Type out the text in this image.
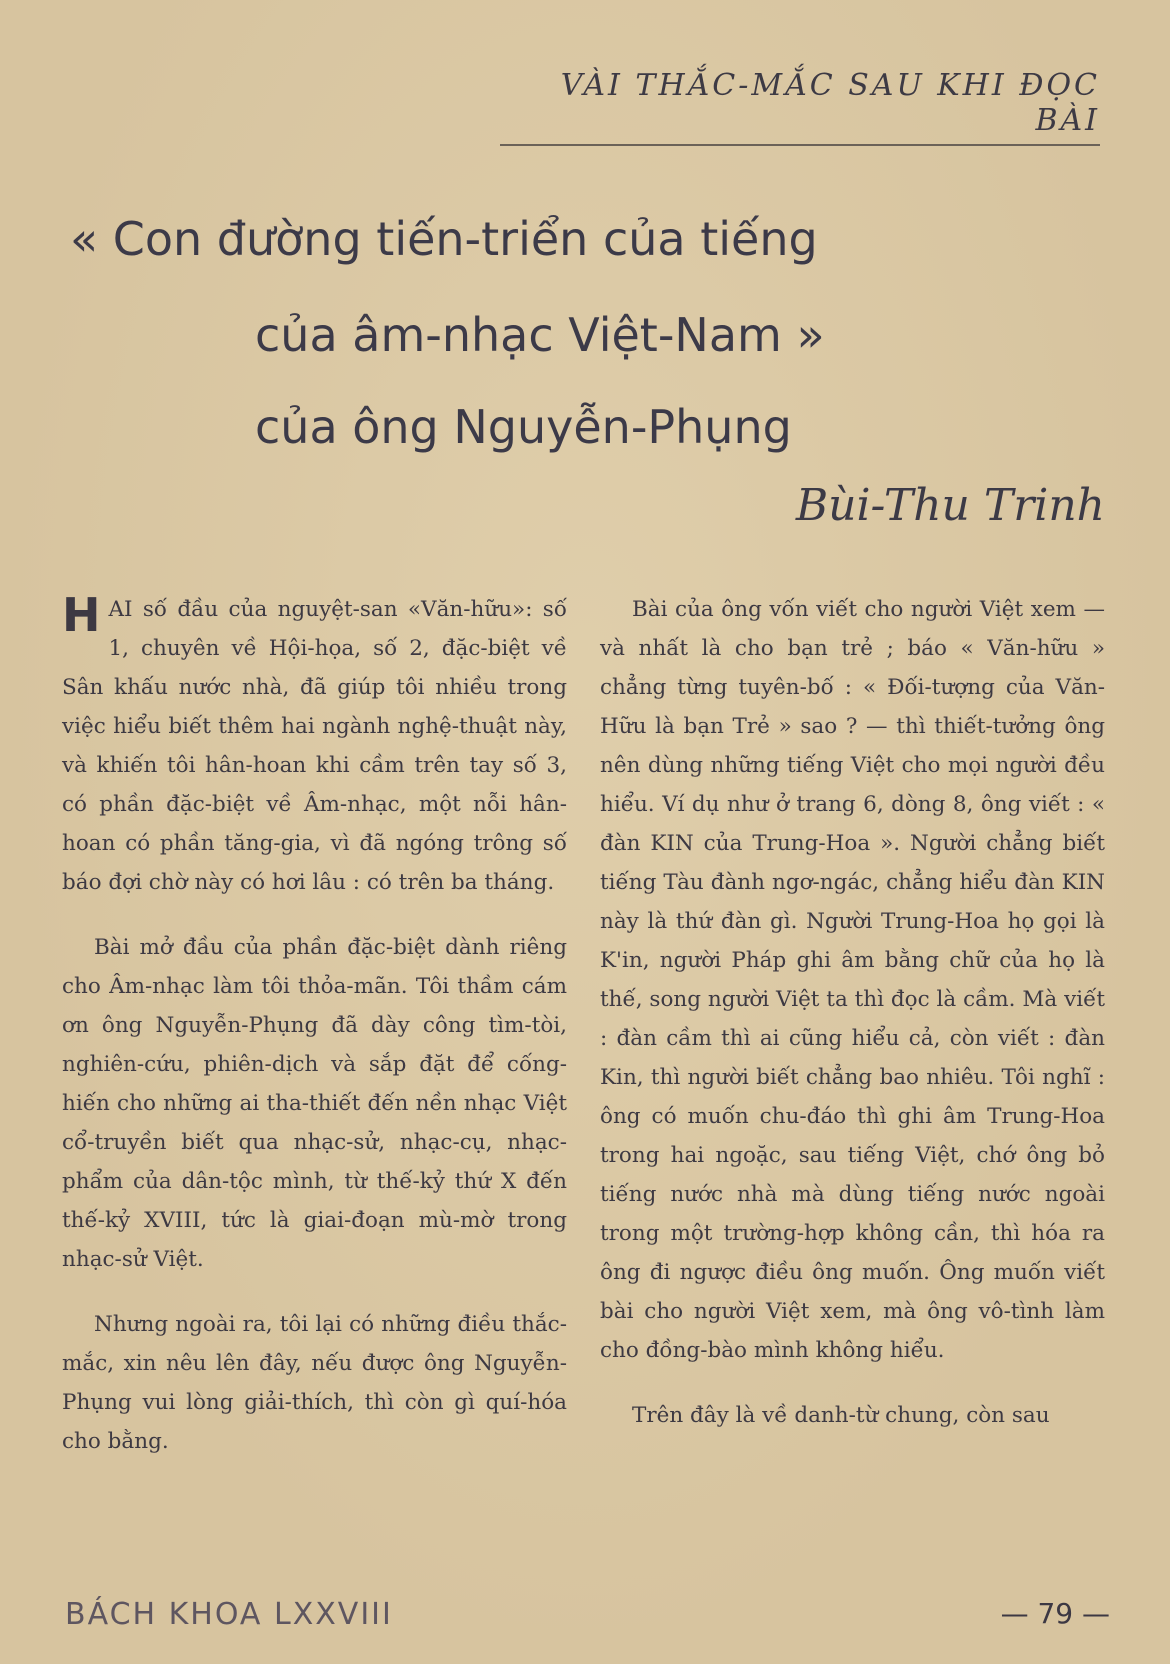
VÀI THẮC-MẮC SAU KHI ĐỌC BÀI
« Con đường tiến-triển của tiếng
của âm-nhạc Việt-Nam »
của ông Nguyễn-Phụng
Bùi-Thu Trinh

HAI số đầu của nguyệt-san «Văn-hữu»: số 1, chuyên về Hội-họa, số 2, đặc-biệt về Sân khấu nước nhà, đã giúp tôi nhiều trong việc hiểu biết thêm hai ngành nghệ-thuật này, và khiến tôi hân-hoan khi cầm trên tay số 3, có phần đặc-biệt về Âm-nhạc, một nỗi hân-hoan có phần tăng-gia, vì đã ngóng trông số báo đợi chờ này có hơi lâu : có trên ba tháng.

Bài mở đầu của phần đặc-biệt dành riêng cho Âm-nhạc làm tôi thỏa-mãn. Tôi thầm cám ơn ông Nguyễn-Phụng đã dày công tìm-tòi, nghiên-cứu, phiên-dịch và sắp đặt để cống-hiến cho những ai tha-thiết đến nền nhạc Việt cổ-truyền biết qua nhạc-sử, nhạc-cụ, nhạc-phẩm của dân-tộc mình, từ thế-kỷ thứ X đến thế-kỷ XVIII, tức là giai-đoạn mù-mờ trong nhạc-sử Việt.

Nhưng ngoài ra, tôi lại có những điều thắc-mắc, xin nêu lên đây, nếu được ông Nguyễn-Phụng vui lòng giải-thích, thì còn gì quí-hóa cho bằng.

Bài của ông vốn viết cho người Việt xem — và nhất là cho bạn trẻ ; báo « Văn-hữu » chẳng từng tuyên-bố : « Đối-tượng của Văn-Hữu là bạn Trẻ » sao ? — thì thiết-tưởng ông nên dùng những tiếng Việt cho mọi người đều hiểu. Ví dụ như ở trang 6, dòng 8, ông viết : « đàn KIN của Trung-Hoa ». Người chẳng biết tiếng Tàu đành ngơ-ngác, chẳng hiểu đàn KIN này là thứ đàn gì. Người Trung-Hoa họ gọi là K'in, người Pháp ghi âm bằng chữ của họ là thế, song người Việt ta thì đọc là cầm. Mà viết : đàn cầm thì ai cũng hiểu cả, còn viết : đàn Kin, thì người biết chẳng bao nhiêu. Tôi nghĩ : ông có muốn chu-đáo thì ghi âm Trung-Hoa trong hai ngoặc, sau tiếng Việt, chớ ông bỏ tiếng nước nhà mà dùng tiếng nước ngoài trong một trường-hợp không cần, thì hóa ra ông đi ngược điều ông muốn. Ông muốn viết bài cho người Việt xem, mà ông vô-tình làm cho đồng-bào mình không hiểu.

Trên đây là về danh-từ chung, còn sau

BÁCH KHOA LXXVIII	— 79 —
